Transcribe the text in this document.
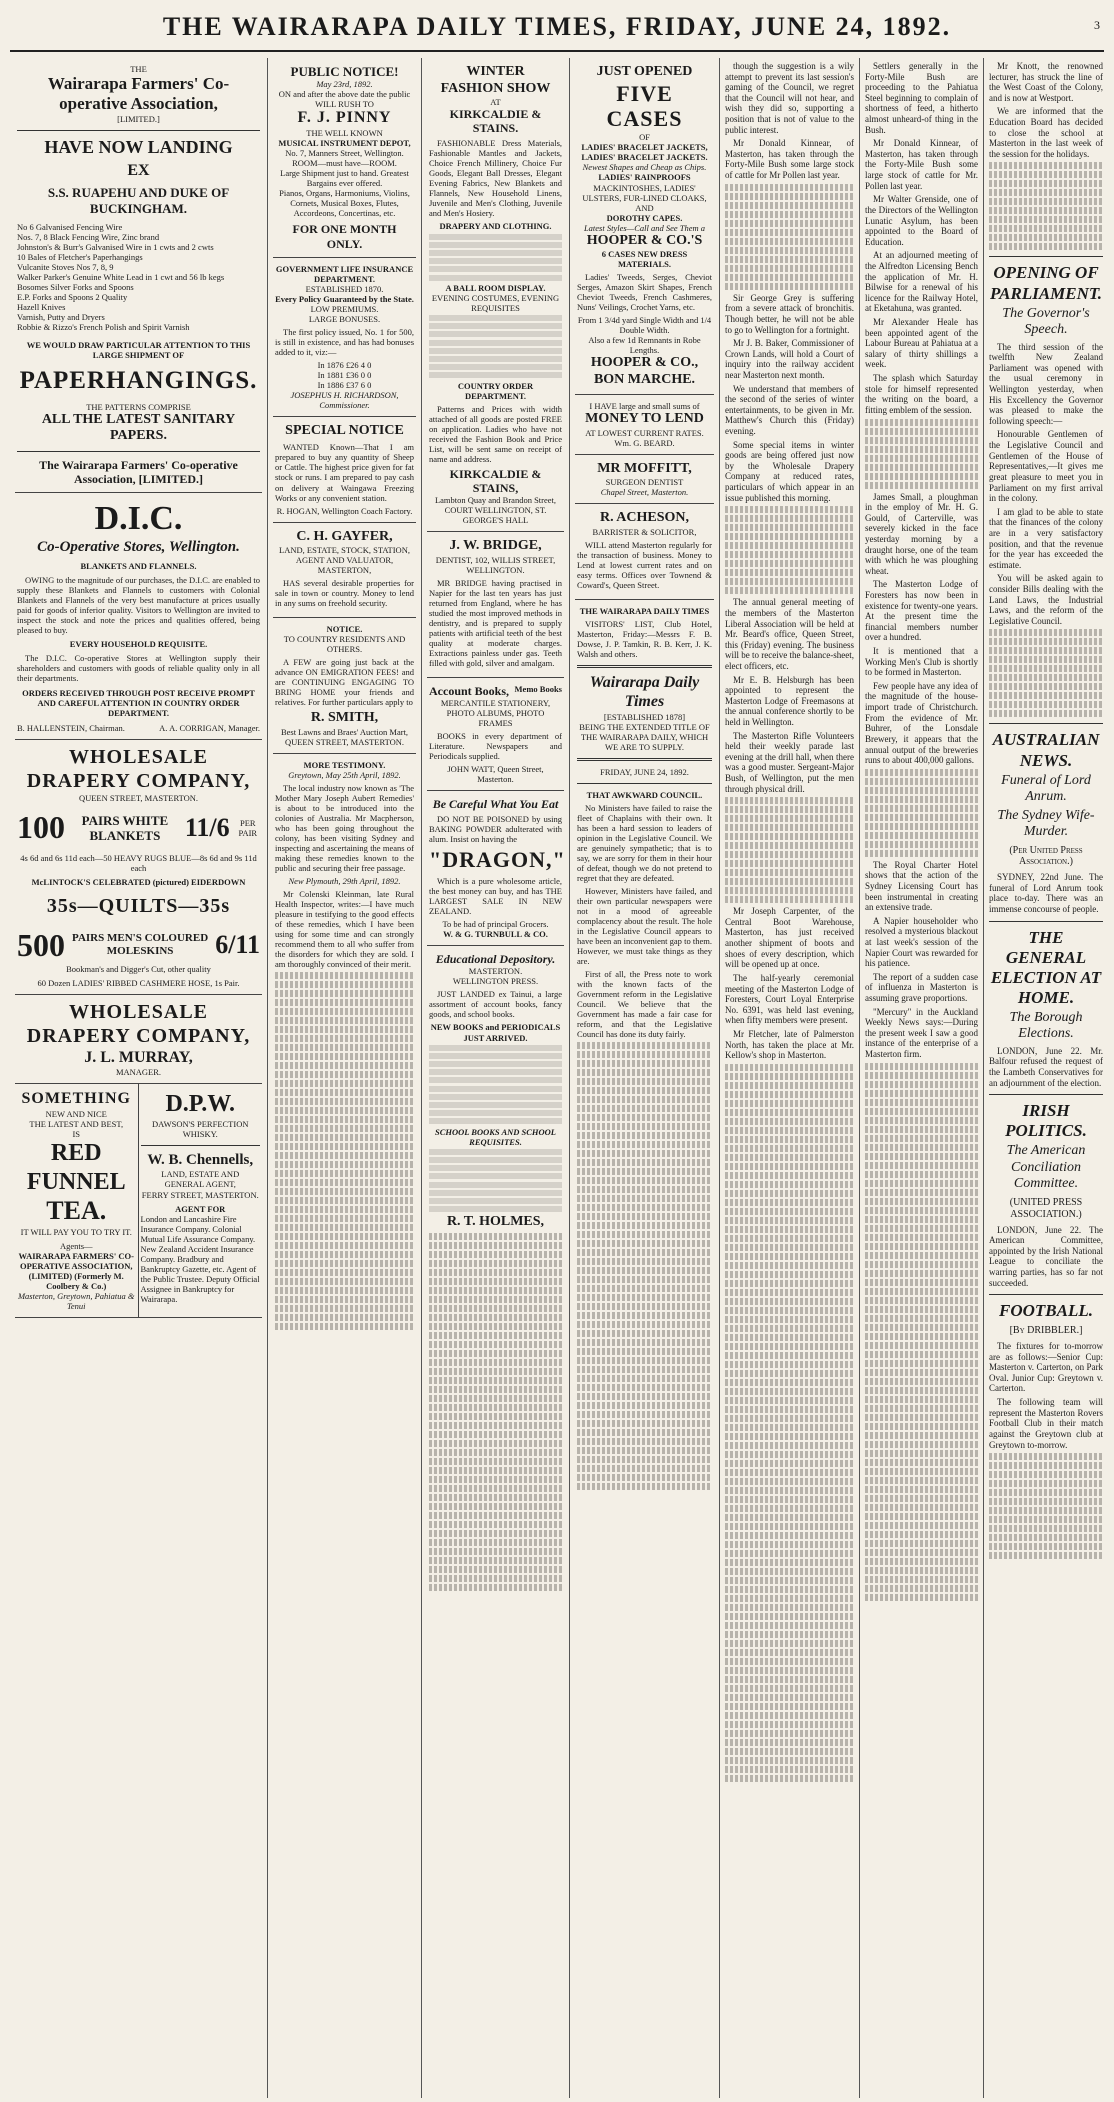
THE WAIRARAPA DAILY TIMES, FRIDAY, JUNE 24, 1892.	3
THE
Wairarapa Farmers' Co-operative Association,
[LIMITED.]
HAVE NOW LANDING
EX
S.S. RUAPEHU AND DUKE OF BUCKINGHAM.
No 6 Galvanised Fencing Wire
Nos. 7, 8 Black Fencing Wire, Zinc brand
Johnston's & Burr's Galvanised Wire in 1 cwts and 2 cwts
10 Bales of Fletcher's Paperhangings
Vulcanite Stoves Nos 7, 8, 9
Walker Parker's Genuine White Lead in 1 cwt and 56 lb kegs
Bosomes Silver Forks and Spoons
E.P. Forks and Spoons 2 Quality
Hazell Knives
Varnish, Putty and Dryers
Robbie & Rizzo's French Polish and Spirit Varnish
WE WOULD DRAW PARTICULAR ATTENTION TO THIS LARGE SHIPMENT OF
PAPERHANGINGS.
THE PATTERNS COMPRISE
ALL THE LATEST SANITARY PAPERS.
The Wairarapa Farmers' Co-operative Association, [LIMITED.]
D.I.C.
Co-Operative Stores, Wellington.
BLANKETS AND FLANNELS.
OWING to the magnitude of our purchases, the D.I.C. are enabled to supply these Blankets and Flannels to customers with Colonial Blankets and Flannels of the very best manufacture at prices usually paid for goods of inferior quality. Visitors to Wellington are invited to inspect the stock and note the prices and qualities offered, being pleased to buy.
EVERY HOUSEHOLD REQUISITE.
The D.I.C. Co-operative Stores at Wellington supply their shareholders and customers with goods of reliable quality only in all their departments.
ORDERS RECEIVED THROUGH POST RECEIVE PROMPT AND CAREFUL ATTENTION IN COUNTRY ORDER DEPARTMENT.
B. HALLENSTEIN, Chairman.	A. A. CORRIGAN, Manager.
WHOLESALE DRAPERY COMPANY,
QUEEN STREET, MASTERTON.
100	PAIRS WHITE BLANKETS 11/6	PER PAIR
4s 6d and 6s 11d each—50 HEAVY RUGS BLUE—8s 6d and 9s 11d each
McLINTOCK'S CELEBRATED (pictured) EIDERDOWN
35s—QUILTS—35s
500 PAIRS MEN'S COLOURED MOLESKINS	6/11
Bookman's and Digger's Cut, other quality
60 Dozen LADIES' RIBBED CASHMERE HOSE, 1s Pair.
WHOLESALE DRAPERY COMPANY,
J. L. MURRAY,
MANAGER.
SOMETHING
NEW AND NICE
THE LATEST AND BEST,
IS
RED FUNNEL
TEA.
IT WILL PAY YOU TO TRY IT.
Agents—
WAIRARAPA FARMERS' CO-OPERATIVE ASSOCIATION, (LIMITED) (Formerly M. Coolbery & Co.)
Masterton, Greytown, Pahiatua & Tenui
D.P.W.
DAWSON'S PERFECTION WHISKY.
W. B. Chennells,
LAND, ESTATE AND GENERAL AGENT,
FERRY STREET, MASTERTON.
AGENT FOR
London and Lancashire Fire Insurance Company. Colonial Mutual Life Assurance Company. New Zealand Accident Insurance Company. Bradbury and Bankruptcy Gazette, etc. Agent of the Public Trustee. Deputy Official Assignee in Bankruptcy for Wairarapa.
PUBLIC NOTICE!
May 23rd, 1892.
ON and after the above date the public WILL RUSH TO
F. J. PINNY
THE WELL KNOWN
MUSICAL INSTRUMENT DEPOT,
No. 7, Manners Street, Wellington.
ROOM—must have—ROOM.
Large Shipment just to hand. Greatest Bargains ever offered.
Pianos, Organs, Harmoniums, Violins, Cornets, Musical Boxes, Flutes, Accordeons, Concertinas, etc.
FOR ONE MONTH ONLY.
GOVERNMENT LIFE INSURANCE DEPARTMENT.
ESTABLISHED 1870.
Every Policy Guaranteed by the State.
LOW PREMIUMS.
LARGE BONUSES.
The first policy issued, No. 1 for 500, is still in existence, and has had bonuses added to it, viz:—
In 1876 £26 4 0
In 1881 £36 0 0
In 1886 £37 6 0
JOSEPHUS H. RICHARDSON, Commissioner.
SPECIAL NOTICE
WANTED Known—That I am prepared to buy any quantity of Sheep or Cattle. The highest price given for fat stock or runs. I am prepared to pay cash on delivery at Waingawa Freezing Works or any convenient station.
R. HOGAN, Wellington Coach Factory.
C. H. GAYFER,
LAND, ESTATE, STOCK, STATION, AGENT AND VALUATOR,
MASTERTON,
HAS several desirable properties for sale in town or country. Money to lend in any sums on freehold security.
NOTICE.
TO COUNTRY RESIDENTS AND OTHERS.
A FEW are going just back at the advance ON EMIGRATION FEES! and are CONTINUING ENGAGING TO BRING HOME your friends and relatives. For further particulars apply to
R. SMITH,
Best Lawns and Braes' Auction Mart, QUEEN STREET, MASTERTON.
MORE TESTIMONY.
Greytown, May 25th April, 1892.
The local industry now known as 'The Mother Mary Joseph Aubert Remedies' is about to be introduced into the colonies of Australia. Mr Macpherson, who has been going throughout the colony, has been visiting Sydney and inspecting and ascertaining the means of making these remedies known to the public and securing their free passage.
New Plymouth, 29th April, 1892.
Mr Colenski Kleinman, late Rural Health Inspector, writes:—I have much pleasure in testifying to the good effects of these remedies, which I have been using for some time and can strongly recommend them to all who suffer from the disorders for which they are sold. I am thoroughly convinced of their merit.
WINTER
FASHION SHOW
AT
KIRKCALDIE & STAINS.
FASHIONABLE Dress Materials, Fashionable Mantles and Jackets, Choice French Millinery, Choice Fur Goods, Elegant Ball Dresses, Elegant Evening Fabrics, New Blankets and Flannels, New Household Linens, Juvenile and Men's Clothing, Juvenile and Men's Hosiery.
DRAPERY AND CLOTHING.
A BALL ROOM DISPLAY.
EVENING COSTUMES, EVENING REQUISITES
COUNTRY ORDER DEPARTMENT.
Patterns and Prices with width attached of all goods are posted FREE on application. Ladies who have not received the Fashion Book and Price List, will be sent same on receipt of name and address.
KIRKCALDIE & STAINS,
Lambton Quay and Brandon Street,
COURT WELLINGTON, ST. GEORGE'S HALL
J. W. BRIDGE,
DENTIST, 102, WILLIS STREET, WELLINGTON.
MR BRIDGE having practised in Napier for the last ten years has just returned from England, where he has studied the most improved methods in dentistry, and is prepared to supply patients with artificial teeth of the best quality at moderate charges. Extractions painless under gas. Teeth filled with gold, silver and amalgam.
Account Books, Memo Books
MERCANTILE STATIONERY, PHOTO ALBUMS, PHOTO FRAMES
BOOKS in every department of Literature. Newspapers and Periodicals supplied.
JOHN WATT, Queen Street, Masterton.
Be Careful What You Eat
DO NOT BE POISONED by using BAKING POWDER adulterated with alum. Insist on having the
"DRAGON,"
Which is a pure wholesome article, the best money can buy, and has THE LARGEST SALE IN NEW ZEALAND.
To be had of principal Grocers.
W. & G. TURNBULL & CO.
Educational Depository.
MASTERTON.
WELLINGTON PRESS.
JUST LANDED ex Tainui, a large assortment of account books, fancy goods, and school books.
NEW BOOKS and PERIODICALS JUST ARRIVED.
SCHOOL BOOKS AND SCHOOL REQUISITES.
R. T. HOLMES,
JUST OPENED
FIVE CASES
OF
LADIES' BRACELET JACKETS, LADIES' BRACELET JACKETS.
Newest Shapes and Cheap as Chips.
LADIES' RAINPROOFS
MACKINTOSHES, LADIES' ULSTERS, FUR-LINED CLOAKS,
AND
DOROTHY CAPES.
Latest Styles—Call and See Them a
HOOPER & CO.'S
6 CASES NEW DRESS MATERIALS.
Ladies' Tweeds, Serges, Cheviot Serges, Amazon Skirt Shapes, French Cheviot Tweeds, French Cashmeres, Nuns' Veilings, Crochet Yarns, etc.
From 1 3/4d yard Single Width and 1/4 Double Width.
Also a few 1d Remnants in Robe Lengths.
HOOPER & CO.,
BON MARCHE.
I HAVE large and small sums of
MONEY TO LEND
AT LOWEST CURRENT RATES.
Wm. G. BEARD.
MR MOFFITT,
SURGEON DENTIST
Chapel Street, Masterton.
R. ACHESON,
BARRISTER & SOLICITOR,
WILL attend Masterton regularly for the transaction of business. Money to Lend at lowest current rates and on easy terms. Offices over Townend & Coward's, Queen Street.
THE WAIRARAPA DAILY TIMES
VISITORS' LIST, Club Hotel, Masterton, Friday:—Messrs F. B. Dowse, J. P. Tamkin, R. B. Kerr, J. K. Walsh and others.
Wairarapa Daily Times
[ESTABLISHED 1878]
BEING THE EXTENDED TITLE OF THE WAIRARAPA DAILY, WHICH WE ARE TO SUPPLY.
FRIDAY, JUNE 24, 1892.
THAT AWKWARD COUNCIL.
No Ministers have failed to raise the fleet of Chaplains with their own. It has been a hard session to leaders of opinion in the Legislative Council. We are genuinely sympathetic; that is to say, we are sorry for them in their hour of defeat, though we do not pretend to regret that they are defeated.
However, Ministers have failed, and their own particular newspapers were not in a mood of agreeable complacency about the result. The hole in the Legislative Council appears to have been an inconvenient gap to them. However, we must take things as they are.
First of all, the Press note to work with the known facts of the Government reform in the Legislative Council. We believe that the Government has made a fair case for reform, and that the Legislative Council has done its duty fairly.
though the suggestion is a wily attempt to prevent its last session's gaming of the Council, we regret that the Council will not hear, and wish they did so, supporting a position that is not of value to the public interest.
Mr Donald Kinnear, of Masterton, has taken through the Forty-Mile Bush some large stock of cattle for Mr Pollen last year.
Sir George Grey is suffering from a severe attack of bronchitis. Though better, he will not be able to go to Wellington for a fortnight.
Mr J. B. Baker, Commissioner of Crown Lands, will hold a Court of inquiry into the railway accident near Masterton next month.
We understand that members of the second of the series of winter entertainments, to be given in Mr. Matthew's Church this (Friday) evening.
Some special items in winter goods are being offered just now by the Wholesale Drapery Company at reduced rates, particulars of which appear in an issue published this morning.
The annual general meeting of the members of the Masterton Liberal Association will be held at Mr. Beard's office, Queen Street, this (Friday) evening. The business will be to receive the balance-sheet, elect officers, etc.
Mr E. B. Helsburgh has been appointed to represent the Masterton Lodge of Freemasons at the annual conference shortly to be held in Wellington.
The Masterton Rifle Volunteers held their weekly parade last evening at the drill hall, when there was a good muster. Sergeant-Major Bush, of Wellington, put the men through physical drill.
Mr Joseph Carpenter, of the Central Boot Warehouse, Masterton, has just received another shipment of boots and shoes of every description, which will be opened up at once.
The half-yearly ceremonial meeting of the Masterton Lodge of Foresters, Court Loyal Enterprise No. 6391, was held last evening, when fifty members were present.
Mr Fletcher, late of Palmerston North, has taken the place at Mr. Kellow's shop in Masterton.
Settlers generally in the Forty-Mile Bush are proceeding to the Pahiatua Steel beginning to complain of shortness of feed, a hitherto almost unheard-of thing in the Bush.
Mr Donald Kinnear, of Masterton, has taken through the Forty-Mile Bush some large stock of cattle for Mr. Pollen last year.
Mr Walter Grenside, one of the Directors of the Wellington Lunatic Asylum, has been appointed to the Board of Education.
At an adjourned meeting of the Alfredton Licensing Bench the application of Mr. H. Bilwise for a renewal of his licence for the Railway Hotel, at Eketahuna, was granted.
Mr Alexander Heale has been appointed agent of the Labour Bureau at Pahiatua at a salary of thirty shillings a week.
The splash which Saturday stole for himself represented the writing on the board, a fitting emblem of the session.
James Small, a ploughman in the employ of Mr. H. G. Gould, of Carterville, was severely kicked in the face yesterday morning by a draught horse, one of the team with which he was ploughing wheat.
The Masterton Lodge of Foresters has now been in existence for twenty-one years. At the present time the financial members number over a hundred.
It is mentioned that a Working Men's Club is shortly to be formed in Masterton.
Few people have any idea of the magnitude of the house-import trade of Christchurch. From the evidence of Mr. Buhrer, of the Lonsdale Brewery, it appears that the annual output of the breweries runs to about 400,000 gallons.
The Royal Charter Hotel shows that the action of the Sydney Licensing Court has been instrumental in creating an extensive trade.
A Napier householder who resolved a mysterious blackout at last week's session of the Napier Court was rewarded for his patience.
The report of a sudden case of influenza in Masterton is assuming grave proportions.
"Mercury" in the Auckland Weekly News says:—During the present week I saw a good instance of the enterprise of a Masterton firm.
Mr Knott, the renowned lecturer, has struck the line of the West Coast of the Colony, and is now at Westport.
We are informed that the Education Board has decided to close the school at Masterton in the last week of the session for the holidays.
OPENING OF PARLIAMENT.
The Governor's Speech.
The third session of the twelfth New Zealand Parliament was opened with the usual ceremony in Wellington yesterday, when His Excellency the Governor was pleased to make the following speech:—
Honourable Gentlemen of the Legislative Council and Gentlemen of the House of Representatives,—It gives me great pleasure to meet you in Parliament on my first arrival in the colony.
I am glad to be able to state that the finances of the colony are in a very satisfactory position, and that the revenue for the year has exceeded the estimate.
You will be asked again to consider Bills dealing with the Land Laws, the Industrial Laws, and the reform of the Legislative Council.
AUSTRALIAN NEWS.
Funeral of Lord Anrum.
The Sydney Wife-Murder.
(Per United Press Association.)
SYDNEY, 22nd June. The funeral of Lord Anrum took place to-day. There was an immense concourse of people.
THE GENERAL ELECTION AT HOME.
The Borough Elections.
LONDON, June 22. Mr. Balfour refused the request of the Lambeth Conservatives for an adjournment of the election.
IRISH POLITICS.
The American Conciliation Committee.
(UNITED PRESS ASSOCIATION.)
LONDON, June 22. The American Committee, appointed by the Irish National League to conciliate the warring parties, has so far not succeeded.
FOOTBALL.
[By DRIBBLER.]
The fixtures for to-morrow are as follows:—Senior Cup: Masterton v. Carterton, on Park Oval. Junior Cup: Greytown v. Carterton.
The following team will represent the Masterton Rovers Football Club in their match against the Greytown club at Greytown to-morrow.
